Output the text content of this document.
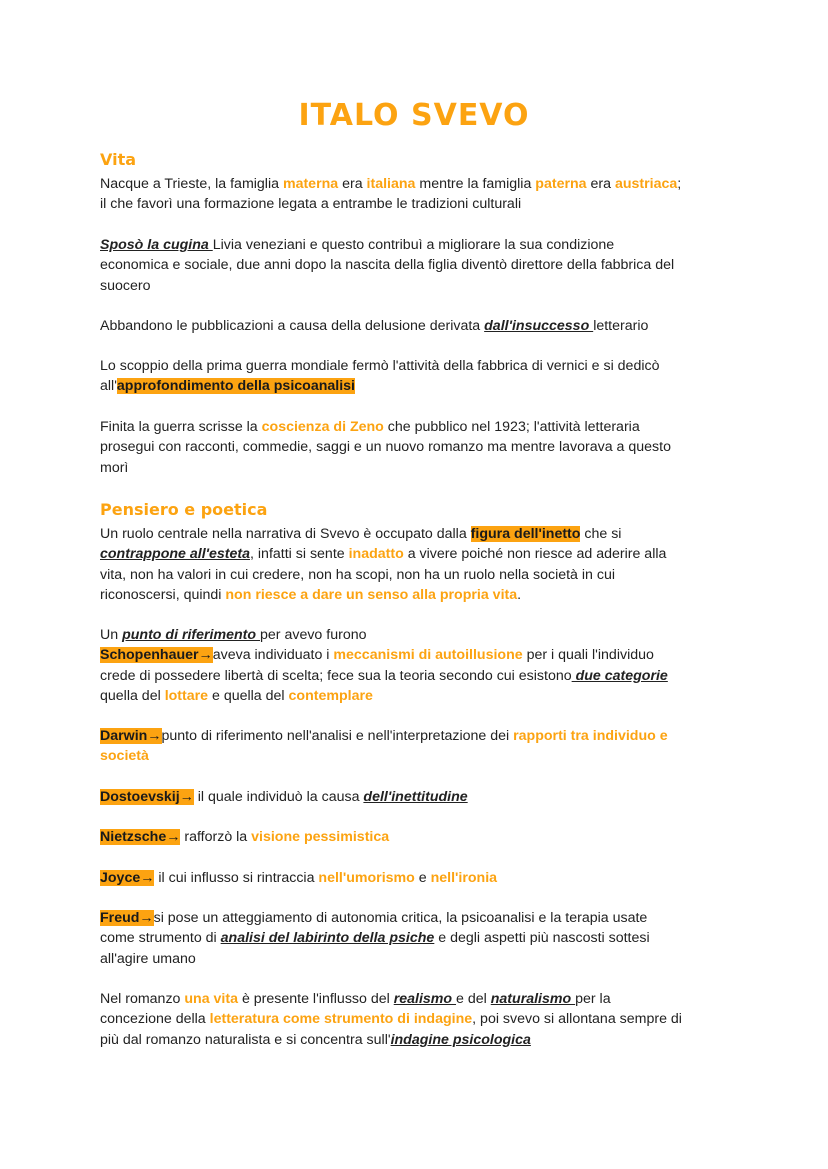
ITALO SVEVO
Vita

Nacque a Trieste, la famiglia materna era italiana mentre la famiglia paterna era austriaca;
il che favorì una formazione legata a entrambe le tradizioni culturali

Sposò la cugina Livia veneziani e questo contribuì a migliorare la sua condizione
economica e sociale, due anni dopo la nascita della figlia diventò direttore della fabbrica del
suocero

Abbandono le pubblicazioni a causa della delusione derivata dall'insuccesso letterario

Lo scoppio della prima guerra mondiale fermò l'attività della fabbrica di vernici e si dedicò
all'approfondimento della psicoanalisi

Finita la guerra scrisse la coscienza di Zeno che pubblico nel 1923; l'attività letteraria
prosegui con racconti, commedie, saggi e un nuovo romanzo ma mentre lavorava a questo
morì

Pensiero e poetica

Un ruolo centrale nella narrativa di Svevo è occupato dalla figura dell'inetto che si
contrappone all'esteta, infatti si sente inadatto a vivere poiché non riesce ad aderire alla
vita, non ha valori in cui credere, non ha scopi, non ha un ruolo nella società in cui
riconoscersi, quindi non riesce a dare un senso alla propria vita.

Un punto di riferimento per avevo furono
Schopenhauer→aveva individuato i meccanismi di autoillusione per i quali l'individuo
crede di possedere libertà di scelta; fece sua la teoria secondo cui esistono due categorie
quella del lottare e quella del contemplare

Darwin→punto di riferimento nell'analisi e nell'interpretazione dei rapporti tra individuo e
società

Dostoevskij→ il quale individuò la causa dell'inettitudine

Nietzsche→ rafforzò la visione pessimistica

Joyce→ il cui influsso si rintraccia nell'umorismo e nell'ironia

Freud→si pose un atteggiamento di autonomia critica, la psicoanalisi e la terapia usate
come strumento di analisi del labirinto della psiche e degli aspetti più nascosti sottesi
all'agire umano

Nel romanzo una vita è presente l'influsso del realismo e del naturalismo per la
concezione della letteratura come strumento di indagine, poi svevo si allontana sempre di
più dal romanzo naturalista e si concentra sull'indagine psicologica
